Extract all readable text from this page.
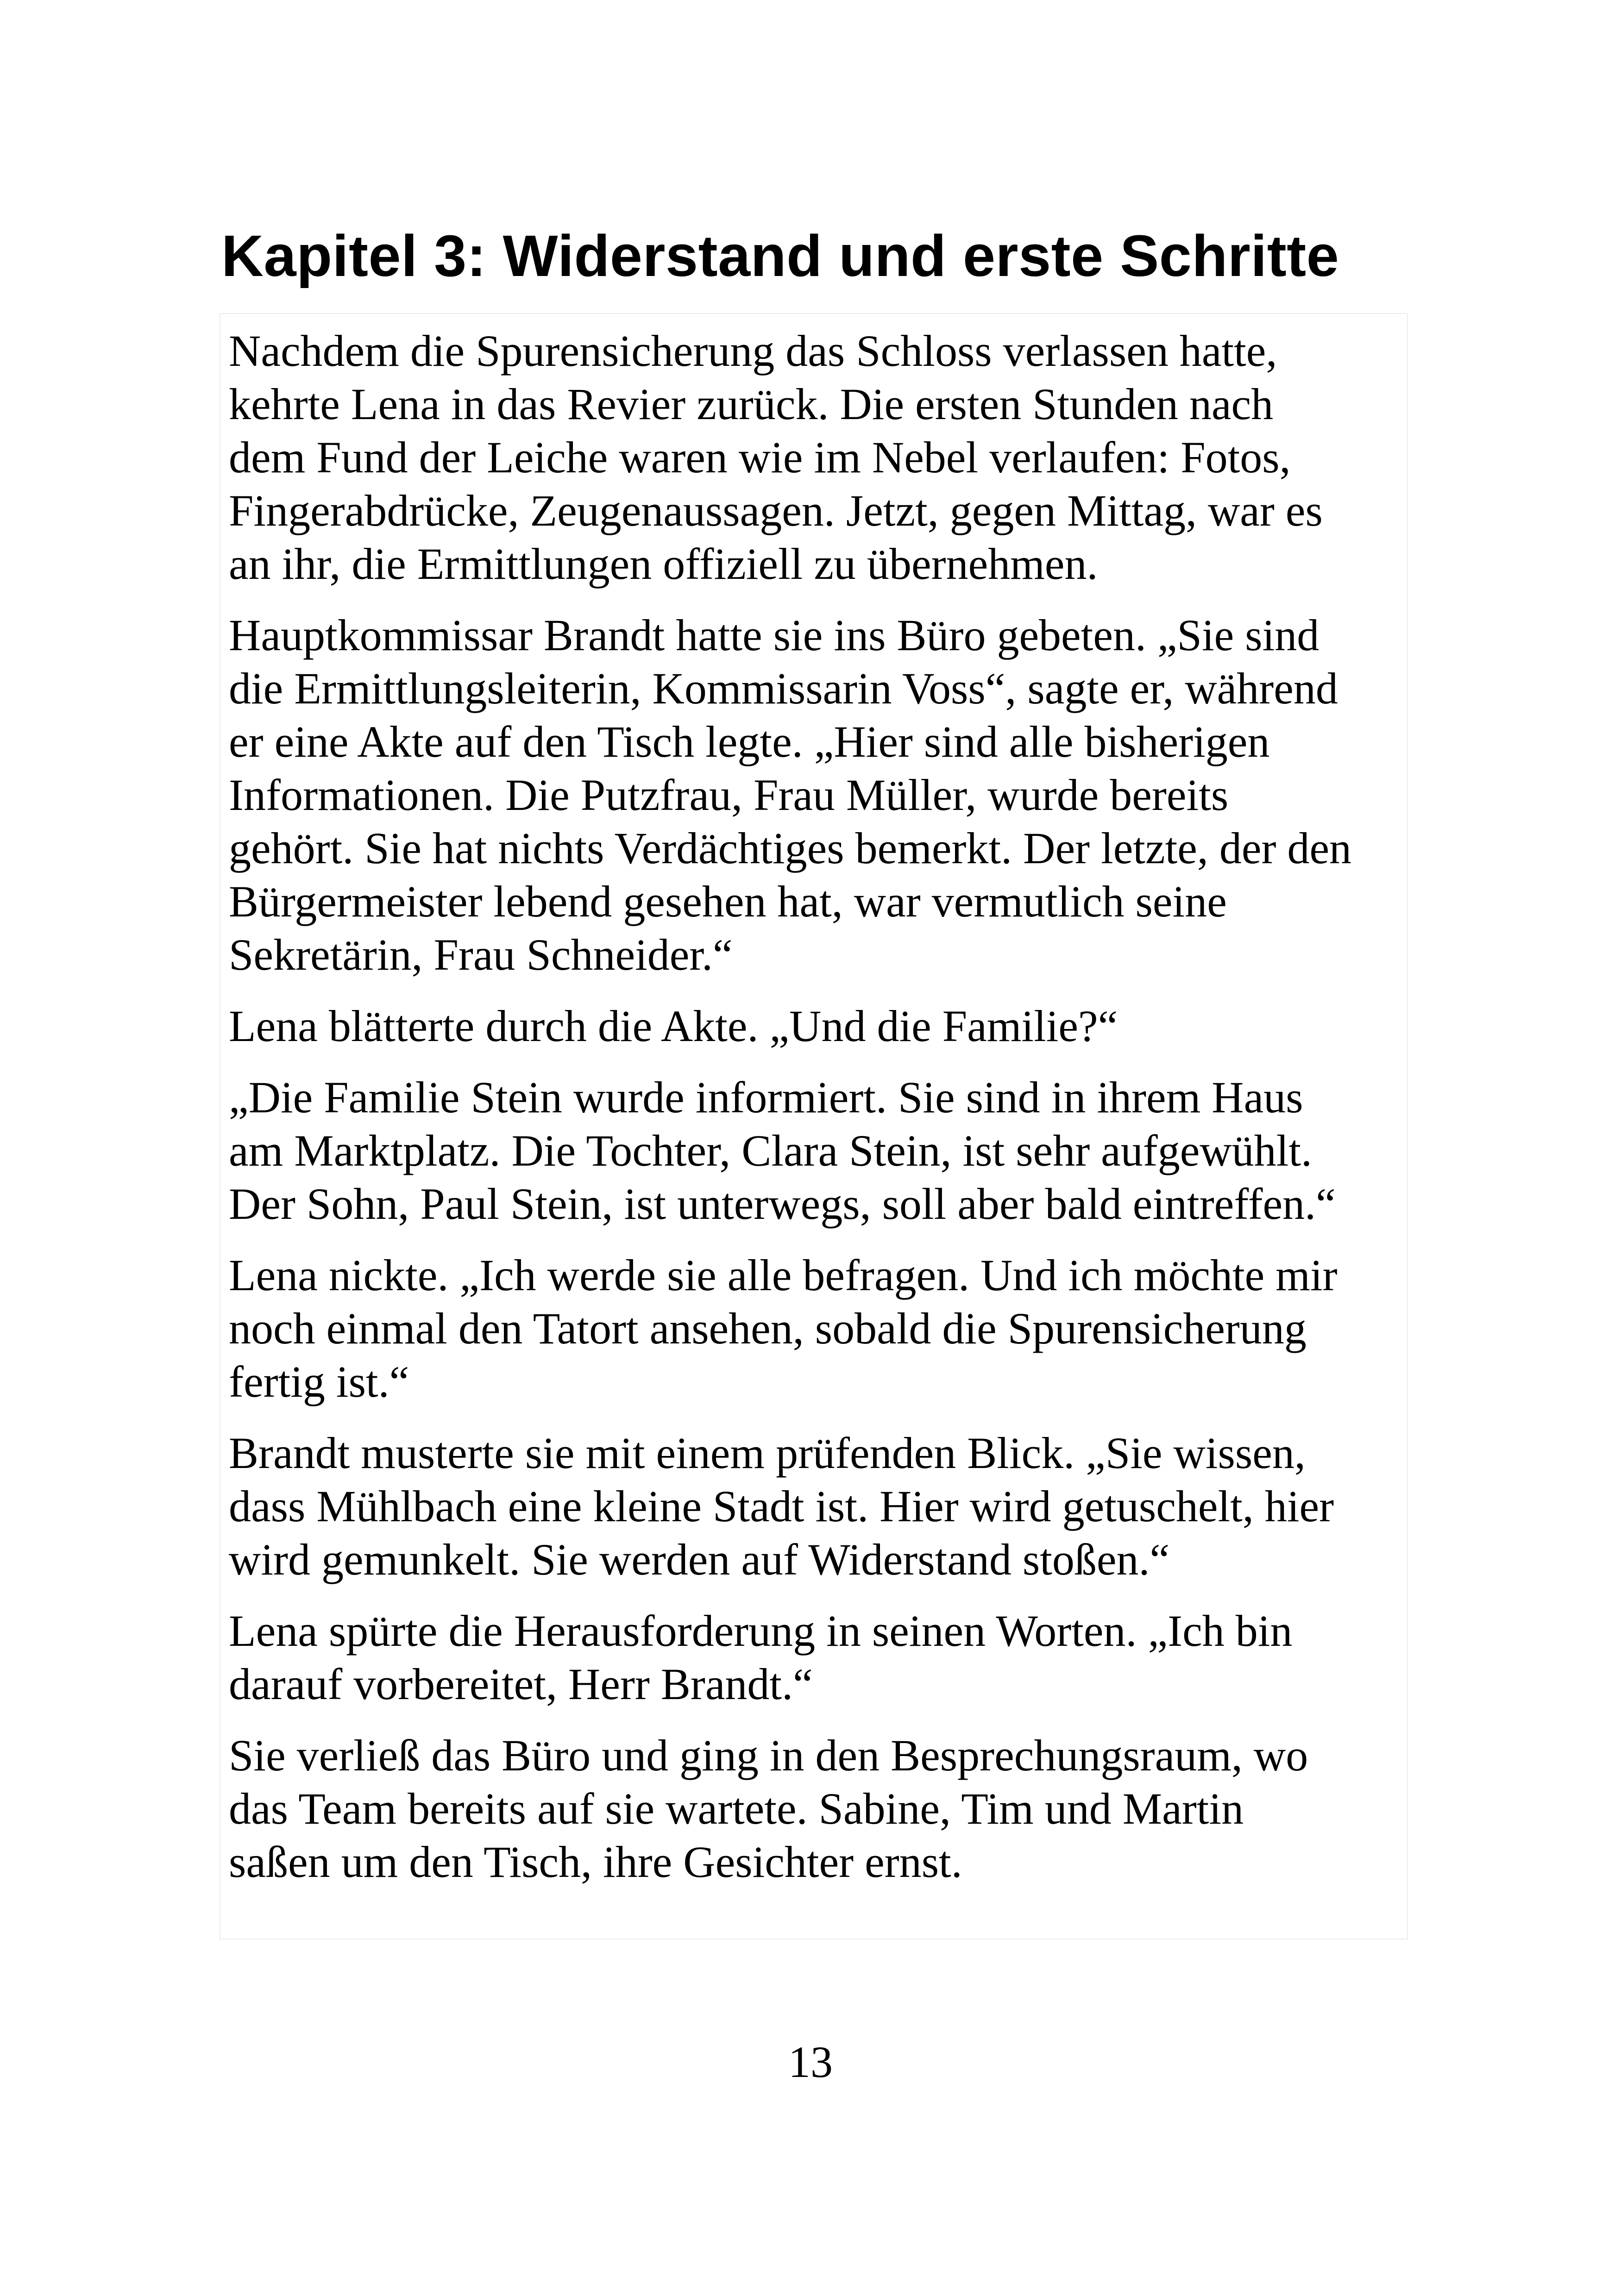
Kapitel 3: Widerstand und erste Schritte

Nachdem die Spurensicherung das Schloss verlassen hatte,
kehrte Lena in das Revier zurück. Die ersten Stunden nach
dem Fund der Leiche waren wie im Nebel verlaufen: Fotos,
Fingerabdrücke, Zeugenaussagen. Jetzt, gegen Mittag, war es
an ihr, die Ermittlungen offiziell zu übernehmen.

Hauptkommissar Brandt hatte sie ins Büro gebeten. „Sie sind
die Ermittlungsleiterin, Kommissarin Voss“, sagte er, während
er eine Akte auf den Tisch legte. „Hier sind alle bisherigen
Informationen. Die Putzfrau, Frau Müller, wurde bereits
gehört. Sie hat nichts Verdächtiges bemerkt. Der letzte, der den
Bürgermeister lebend gesehen hat, war vermutlich seine
Sekretärin, Frau Schneider.“

Lena blätterte durch die Akte. „Und die Familie?“

„Die Familie Stein wurde informiert. Sie sind in ihrem Haus
am Marktplatz. Die Tochter, Clara Stein, ist sehr aufgewühlt.
Der Sohn, Paul Stein, ist unterwegs, soll aber bald eintreffen.“

Lena nickte. „Ich werde sie alle befragen. Und ich möchte mir
noch einmal den Tatort ansehen, sobald die Spurensicherung
fertig ist.“

Brandt musterte sie mit einem prüfenden Blick. „Sie wissen,
dass Mühlbach eine kleine Stadt ist. Hier wird getuschelt, hier
wird gemunkelt. Sie werden auf Widerstand stoßen.“

Lena spürte die Herausforderung in seinen Worten. „Ich bin
darauf vorbereitet, Herr Brandt.“

Sie verließ das Büro und ging in den Besprechungsraum, wo
das Team bereits auf sie wartete. Sabine, Tim und Martin
saßen um den Tisch, ihre Gesichter ernst.

13
